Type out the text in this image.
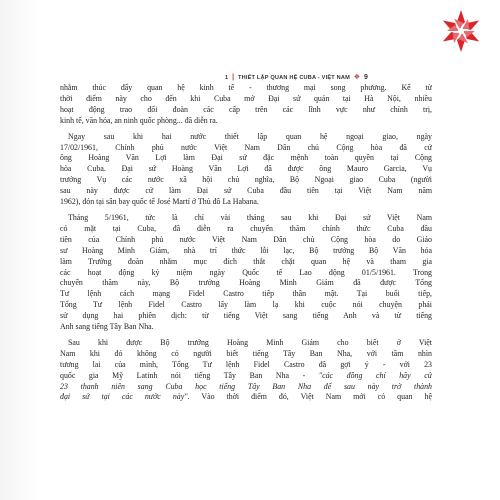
1 | THIẾT LẬP QUAN HỆ CUBA - VIỆT NAM ❖ 9
nhằm thúc đẩy quan hệ kinh tế - thương mại song phương. Kể từ
thời điểm này cho đến khi Cuba mở Đại sứ quán tại Hà Nội, nhiều
hoạt động trao đổi đoàn các cấp trên các lĩnh vực như chính trị,
kinh tế, văn hóa, an ninh quốc phòng... đã diễn ra.
Ngay sau khi hai nước thiết lập quan hệ ngoại giao, ngày
17/02/1961, Chính phủ nước Việt Nam Dân chủ Cộng hòa đã cử
ông Hoàng Văn Lợi làm Đại sứ đặc mệnh toàn quyền tại Cộng
hòa Cuba. Đại sứ Hoàng Văn Lợi đã được ông Mauro Garcia, Vụ
trưởng Vụ các nước xã hội chủ nghĩa, Bộ Ngoại giao Cuba (người
sau này được cử làm Đại sứ Cuba đầu tiên tại Việt Nam năm
1962), đón tại sân bay quốc tế José Martí ở Thủ đô La Habana.
Tháng 5/1961, tức là chỉ vài tháng sau khi Đại sứ Việt Nam
có mặt tại Cuba, đã diễn ra chuyến thăm chính thức Cuba đầu
tiên của Chính phủ nước Việt Nam Dân chủ Cộng hòa do Giáo
sư Hoàng Minh Giám, nhà trí thức lỗi lạc, Bộ trưởng Bộ Văn hóa
làm Trưởng đoàn nhằm mục đích thắt chặt quan hệ và tham gia
các hoạt động kỷ niệm ngày Quốc tế Lao động 01/5/1961. Trong
chuyến thăm này, Bộ trưởng Hoàng Minh Giám đã được Tổng
Tư lệnh cách mạng Fidel Castro tiếp thân mật. Tại buổi tiếp,
Tổng Tư lệnh Fidel Castro lấy làm lạ khi cuộc nói chuyện phải
sử dụng hai phiên dịch: từ tiếng Việt sang tiếng Anh và từ tiếng
Anh sang tiếng Tây Ban Nha.
Sau khi được Bộ trưởng Hoàng Minh Giám cho biết ở Việt
Nam khi đó không có người biết tiếng Tây Ban Nha, với tầm nhìn
tương lai của mình, Tổng Tư lệnh Fidel Castro đã gợi ý - với 23
quốc gia Mỹ Latinh nói tiếng Tây Ban Nha - "các đồng chí hãy cử
23 thanh niên sang Cuba học tiếng Tây Ban Nha để sau này trở thành
đại sứ tại các nước này". Vào thời điểm đó, Việt Nam mới có quan hệ
